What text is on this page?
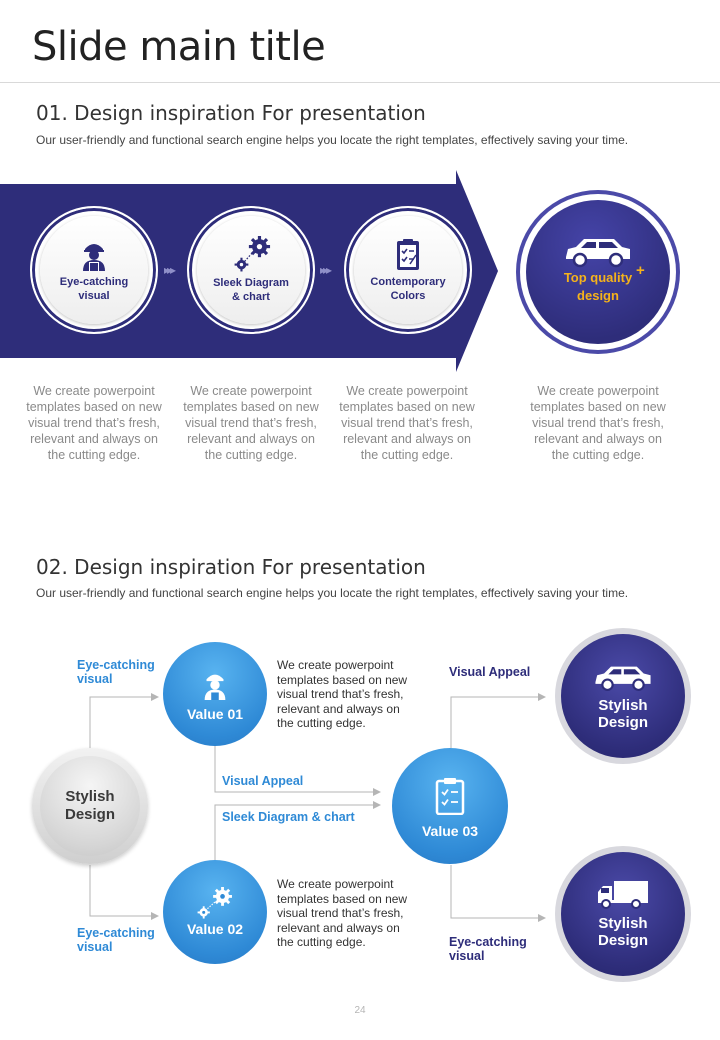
Slide main title
01. Design inspiration For presentation
Our user-friendly and functional search engine helps you locate the right templates, effectively saving your time.
Eye-catching
visual
▸▸▸
Sleek Diagram
& chart
▸▸▸
Contemporary
Colors
Top quality
design
+
We create powerpoint templates based on new visual trend that’s fresh, relevant and always on the cutting edge.
We create powerpoint templates based on new visual trend that’s fresh, relevant and always on the cutting edge.
We create powerpoint templates based on new visual trend that’s fresh, relevant and always on the cutting edge.
We create powerpoint templates based on new visual trend that’s fresh, relevant and always on the cutting edge.
02. Design inspiration For presentation
Our user-friendly and functional search engine helps you locate the right templates, effectively saving your time.
Eye-catching
visual
Eye-catching
visual
Stylish
Design
Value 01
We create powerpoint templates based on new visual trend that’s fresh, relevant and always on the cutting edge.
Value 02
We create powerpoint templates based on new visual trend that’s fresh, relevant and always on the cutting edge.
Visual Appeal
Sleek Diagram & chart
Value 03
Visual Appeal
Eye-catching
visual
Stylish
Design
Stylish
Design
24
